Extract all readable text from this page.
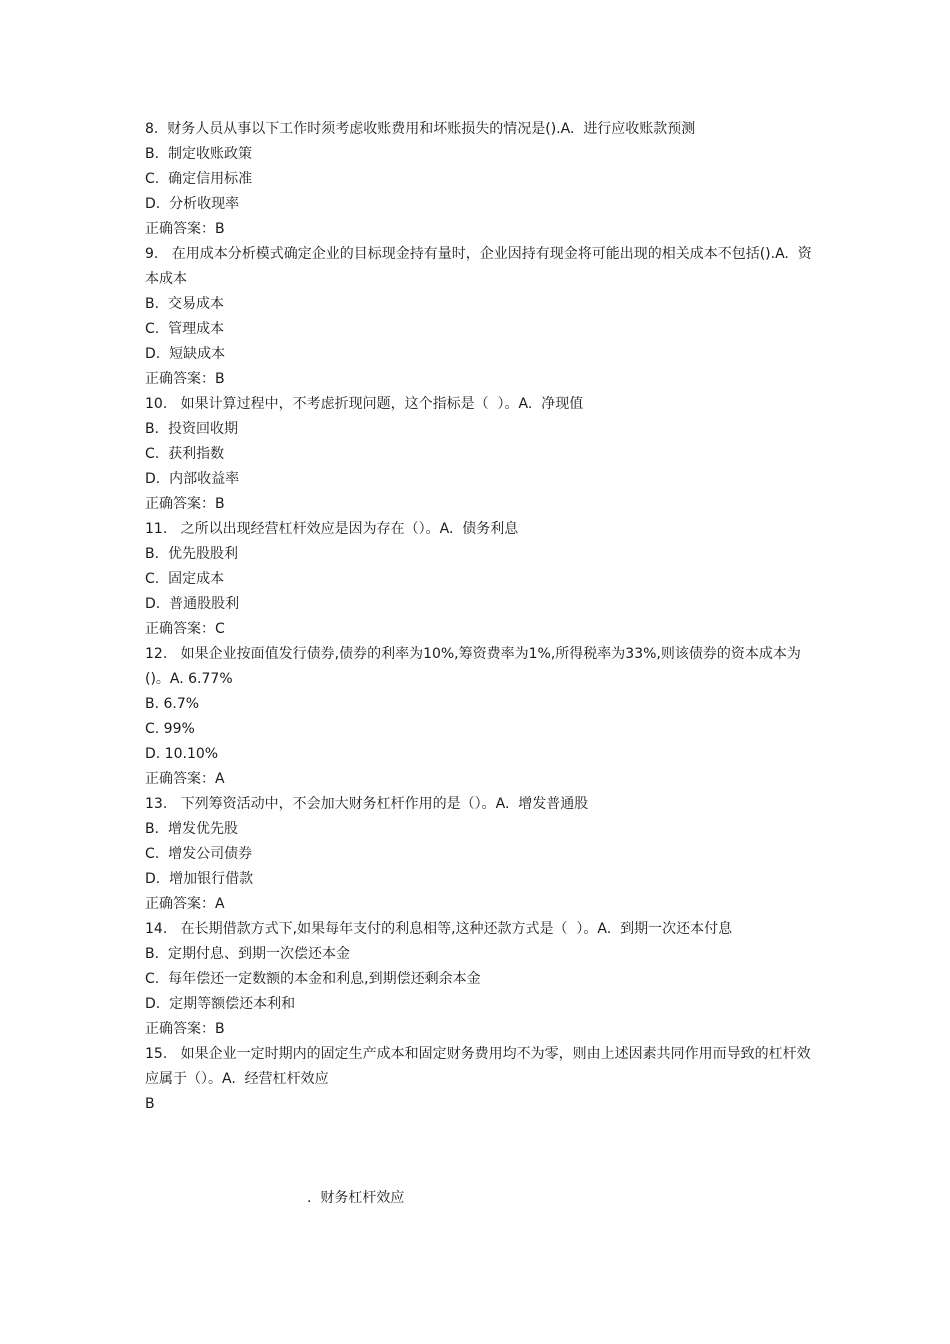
8.  财务人员从事以下工作时须考虑收账费用和坏账损失的情况是().A.  进行应收账款预测
B.  制定收账政策
C.  确定信用标准
D.  分析收现率
正确答案：B
9.   在用成本分析模式确定企业的目标现金持有量时，企业因持有现金将可能出现的相关成本不包括().A.  资本成本
B.  交易成本
C.  管理成本
D.  短缺成本
正确答案：B
10.   如果计算过程中，不考虑折现问题，这个指标是（  ）。A.  净现值
B.  投资回收期
C.  获利指数
D.  内部收益率
正确答案：B
11.   之所以出现经营杠杆效应是因为存在（）。A.  债务利息
B.  优先股股利
C.  固定成本
D.  普通股股利
正确答案：C
12.   如果企业按面值发行债券,债券的利率为10%,筹资费率为1%,所得税率为33%,则该债券的资本成本为()。A. 6.77%
B. 6.7%
C. 99%
D. 10.10%
正确答案：A
13.   下列筹资活动中，不会加大财务杠杆作用的是（）。A.  增发普通股
B.  增发优先股
C.  增发公司债券
D.  增加银行借款
正确答案：A
14.   在长期借款方式下,如果每年支付的利息相等,这种还款方式是（  ）。A.  到期一次还本付息
B.  定期付息、到期一次偿还本金
C.  每年偿还一定数额的本金和利息,到期偿还剩余本金
D.  定期等额偿还本利和
正确答案：B
15.   如果企业一定时期内的固定生产成本和固定财务费用均不为零，则由上述因素共同作用而导致的杠杆效应属于（）。A.  经营杠杆效应
B
.  财务杠杆效应
